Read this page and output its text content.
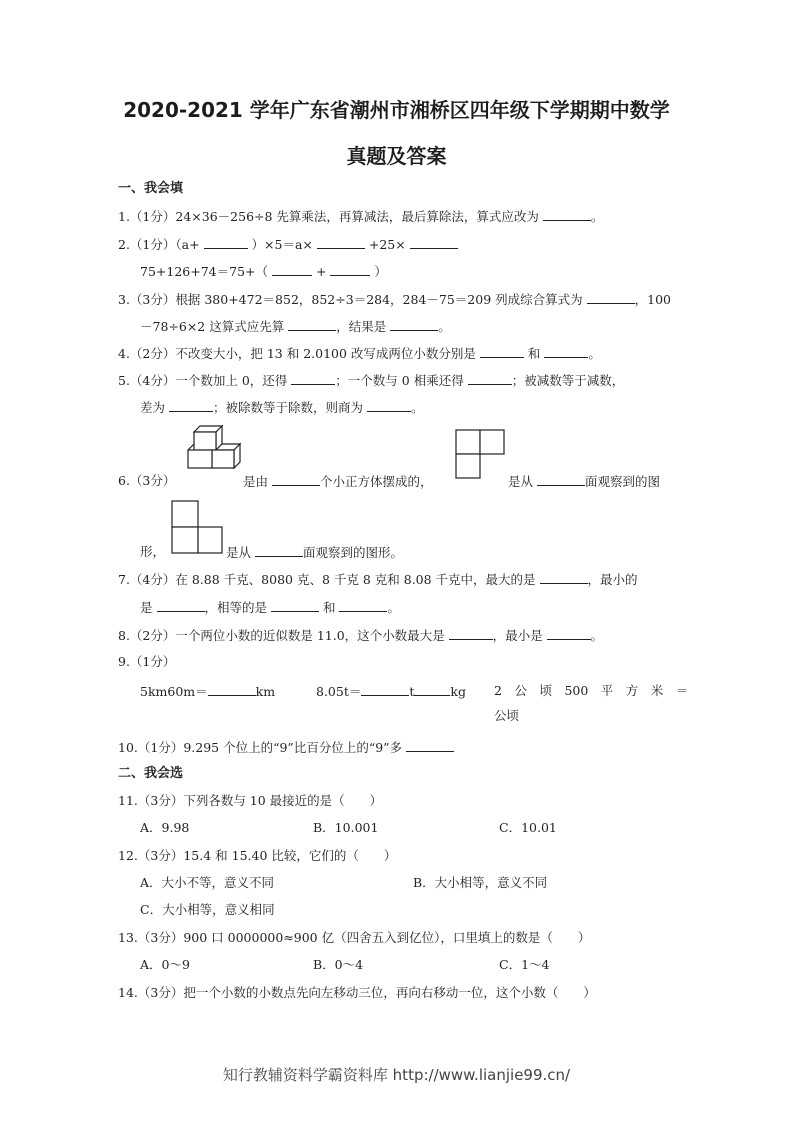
2020-2021 学年广东省潮州市湘桥区四年级下学期期中数学
真题及答案
一、我会填
1.（1分）24×36－256÷8 先算乘法，再算减法，最后算除法，算式应改为	。
2.（1分）（a+	）×5＝a×	+25×
75+126+74＝75+（	+	）
3.（3分）根据 380+472＝852，852÷3＝284，284－75＝209 列成综合算式为	，100
－78÷6×2 这算式应先算	，结果是	。
4.（2分）不改变大小，把 13 和 2.0100 改写成两位小数分别是	和	。
5.（4分）一个数加上 0，还得	；一个数与 0 相乘还得	；被减数等于减数，
差为	；被除数等于除数，则商为	。
6.（3分）	是由	个小正方体摆成的，	是从	面观察到的图
形，	是从	面观察到的图形。
7.（4分）在 8.88 千克、8080 克、8 千克 8 克和 8.08 千克中，最大的是	，最小的
是	，相等的是	和	。
8.（2分）一个两位小数的近似数是 11.0，这个小数最大是	，最小是	。
9.（1分）
5km60m＝	km	8.05t＝	t	kg 2　公　顷　500　平　方　米　＝
公顷
10.（1分）9.295 个位上的“9”比百分位上的“9”多
二、我会选
11.（3分）下列各数与 10 最接近的是（　　）
A．9.98	B．10.001	C．10.01
12.（3分）15.4 和 15.40 比较，它们的（　　）
A．大小不等，意义不同	B．大小相等，意义不同
C．大小相等，意义相同
13.（3分）900 口 0000000≈900 亿（四舍五入到亿位），口里填上的数是（　　）
A．0～9	B．0～4	C．1～4
14.（3分）把一个小数的小数点先向左移动三位，再向右移动一位，这个小数（　　）
知行教辅资料学霸资料库 http://www.lianjie99.cn/
